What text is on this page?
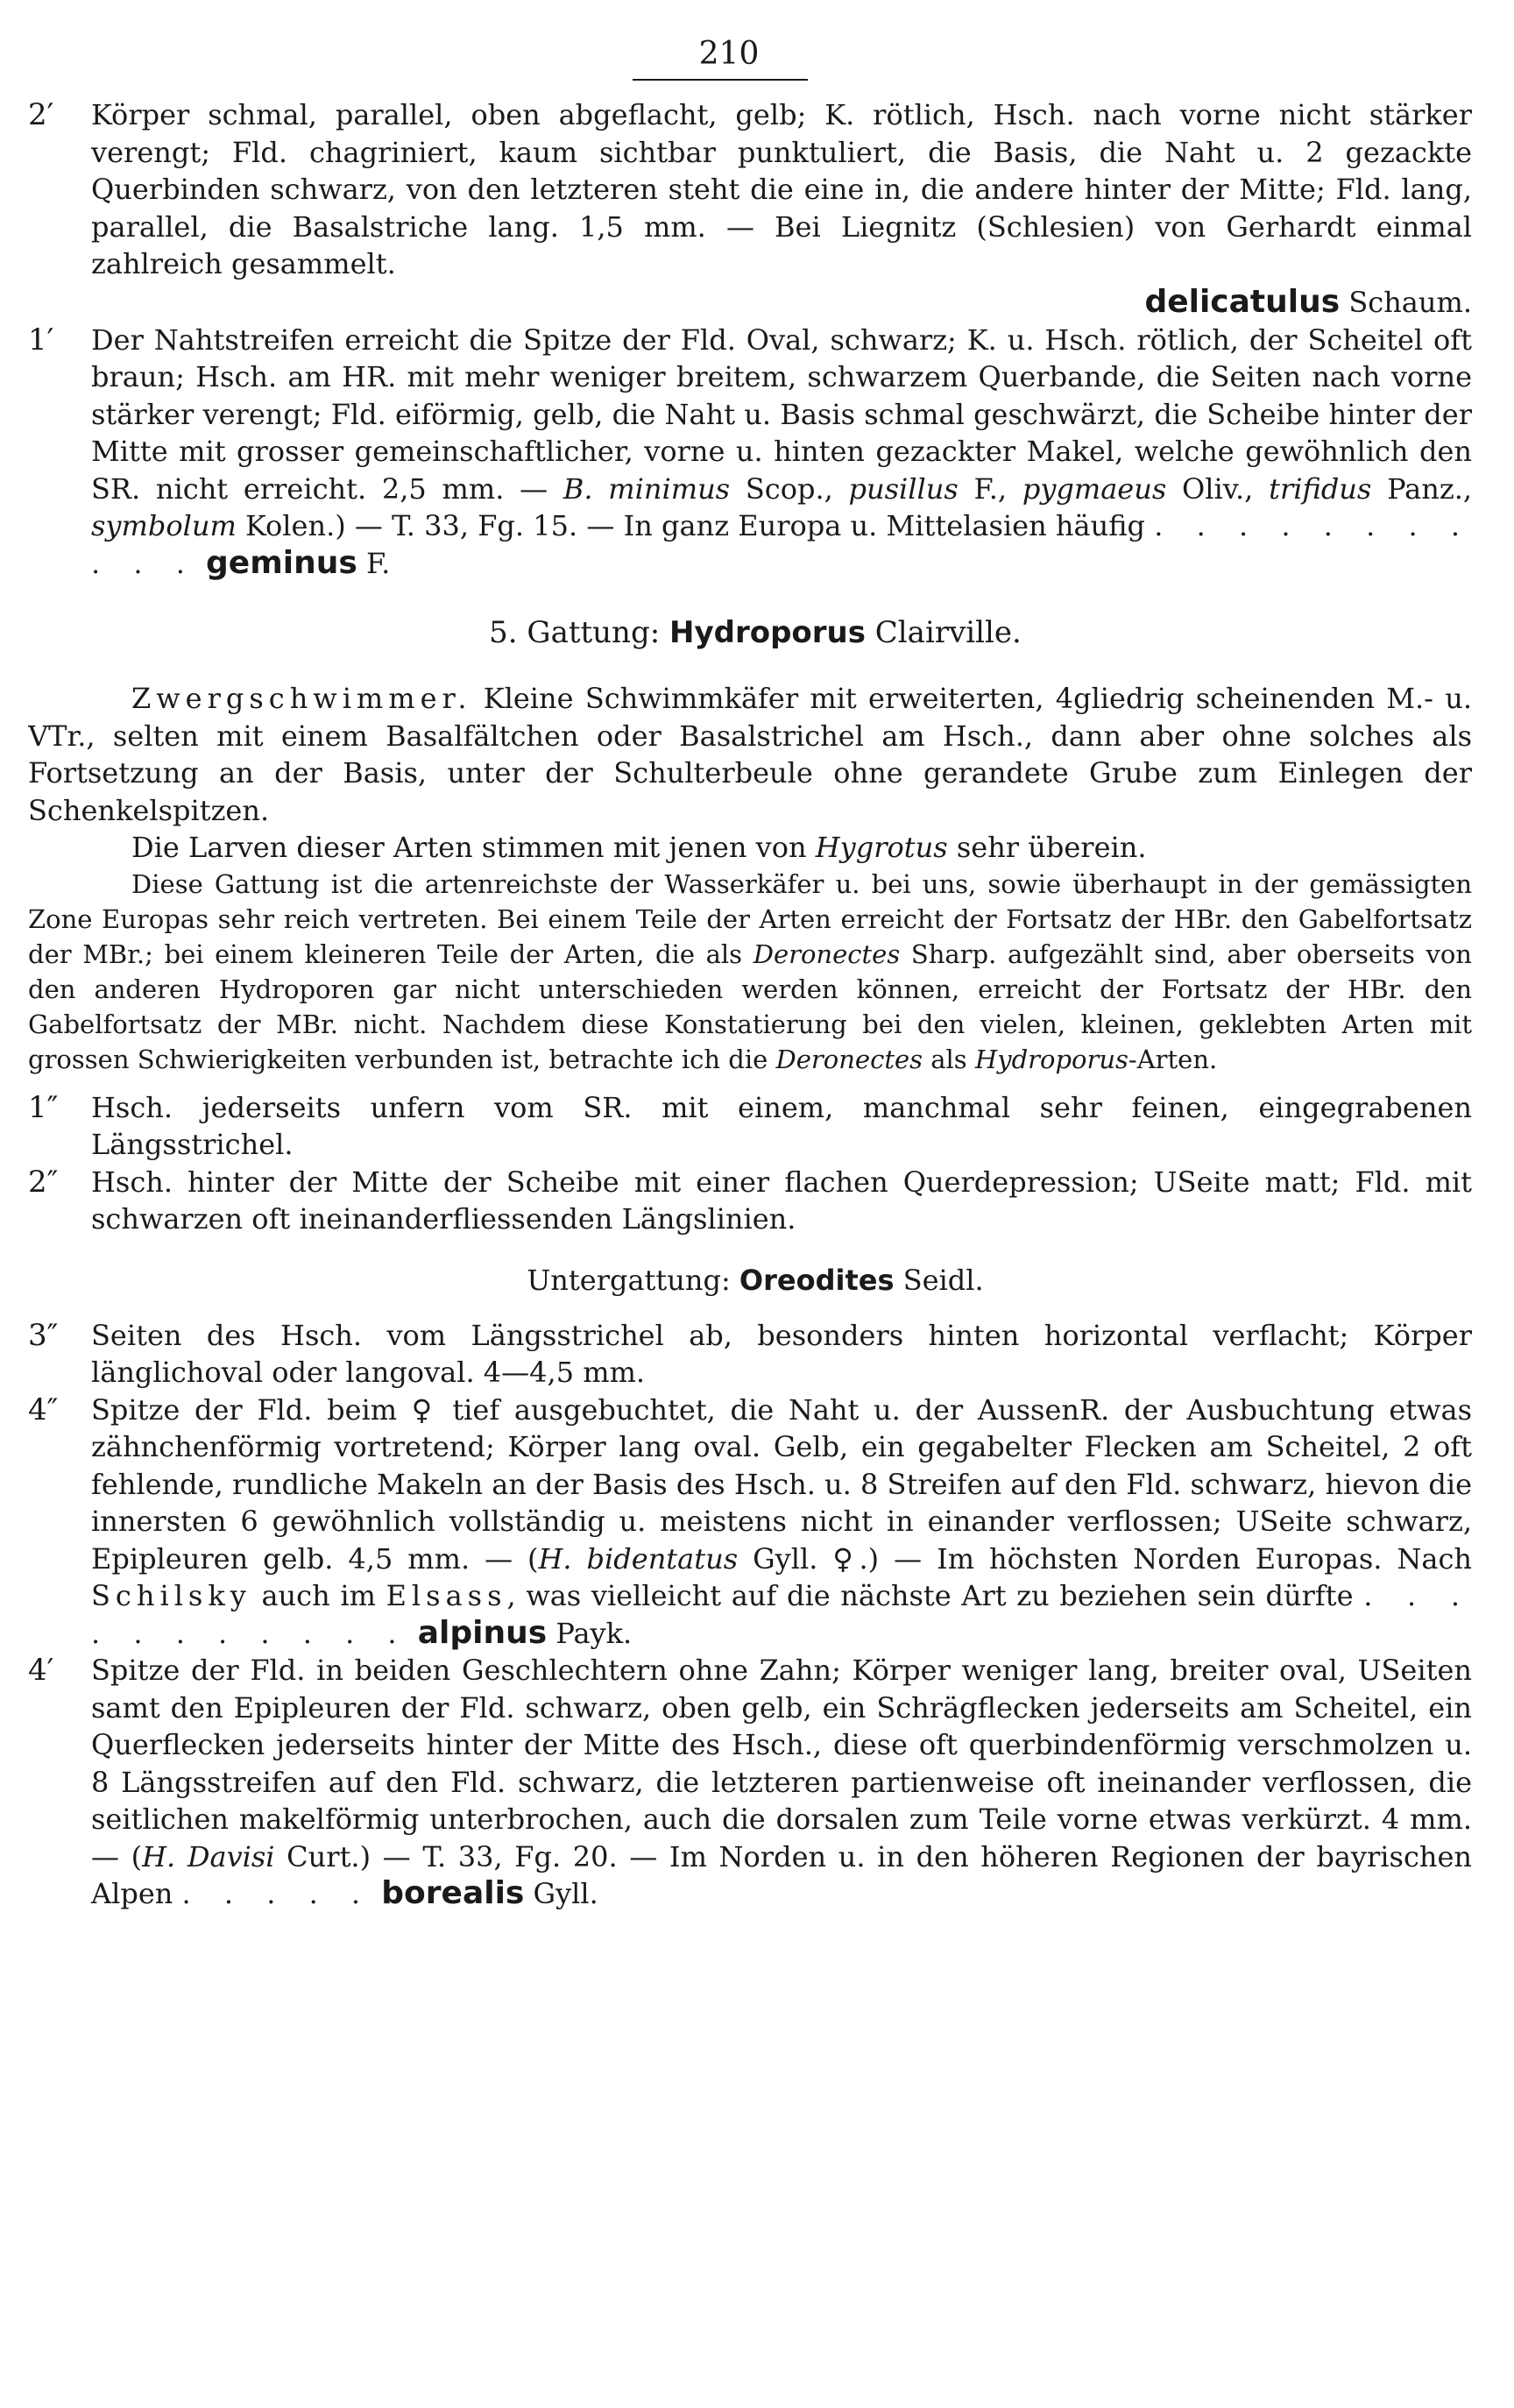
210
2′	Körper schmal, parallel, oben abgeflacht, gelb; K. rötlich, Hsch. nach vorne nicht stärker verengt; Fld. chagriniert, kaum sichtbar punktuliert, die Basis, die Naht u. 2 gezackte Querbinden schwarz, von den letzteren steht die eine in, die andere hinter der Mitte; Fld. lang, parallel, die Basalstriche lang. 1,5 mm. — Bei Liegnitz (Schlesien) von Gerhardt einmal zahlreich gesammelt.
delicatulus Schaum.
1′	Der Nahtstreifen erreicht die Spitze der Fld. Oval, schwarz; K. u. Hsch. rötlich, der Scheitel oft braun; Hsch. am HR. mit mehr weniger breitem, schwarzem Querbande, die Seiten nach vorne stärker verengt; Fld. eiförmig, gelb, die Naht u. Basis schmal geschwärzt, die Scheibe hinter der Mitte mit grosser gemeinschaftlicher, vorne u. hinten gezackter Makel, welche gewöhnlich den SR. nicht erreicht. 2,5 mm. — B. minimus Scop., pusillus F., pygmaeus Oliv., trifidus Panz., symbolum Kolen.) — T. 33, Fg. 15. — In ganz Europa u. Mittelasien häufig . . . . . . . . . . . geminus F.
5. Gattung: Hydroporus Clairville.

Zwergschwimmer. Kleine Schwimmkäfer mit erweiterten, 4gliedrig scheinenden M.- u. VTr., selten mit einem Basalfältchen oder Basalstrichel am Hsch., dann aber ohne solches als Fortsetzung an der Basis, unter der Schulterbeule ohne gerandete Grube zum Einlegen der Schenkelspitzen.

Die Larven dieser Arten stimmen mit jenen von Hygrotus sehr überein.

Diese Gattung ist die artenreichste der Wasserkäfer u. bei uns, sowie überhaupt in der gemässigten Zone Europas sehr reich vertreten. Bei einem Teile der Arten erreicht der Fortsatz der HBr. den Gabelfortsatz der MBr.; bei einem kleineren Teile der Arten, die als Deronectes Sharp. aufgezählt sind, aber oberseits von den anderen Hydroporen gar nicht unterschieden werden können, erreicht der Fortsatz der HBr. den Gabelfortsatz der MBr. nicht. Nachdem diese Konstatierung bei den vielen, kleinen, geklebten Arten mit grossen Schwierigkeiten verbunden ist, betrachte ich die Deronectes als Hydroporus-Arten.

1″	Hsch. jederseits unfern vom SR. mit einem, manchmal sehr feinen, eingegrabenen Längsstrichel.
2″	Hsch. hinter der Mitte der Scheibe mit einer flachen Querdepression; USeite matt; Fld. mit schwarzen oft ineinanderfliessenden Längslinien.
Untergattung: Oreodites Seidl.
3″	Seiten des Hsch. vom Längsstrichel ab, besonders hinten horizontal verflacht; Körper länglichoval oder langoval. 4—4,5 mm.
4″	Spitze der Fld. beim ♀ tief ausgebuchtet, die Naht u. der AussenR. der Ausbuchtung etwas zähnchenförmig vortretend; Körper lang oval. Gelb, ein gegabelter Flecken am Scheitel, 2 oft fehlende, rundliche Makeln an der Basis des Hsch. u. 8 Streifen auf den Fld. schwarz, hievon die innersten 6 gewöhnlich vollständig u. meistens nicht in einander verflossen; USeite schwarz, Epipleuren gelb. 4,5 mm. — (H. bidentatus Gyll. ♀.) — Im höchsten Norden Europas. Nach Schilsky auch im Elsass, was vielleicht auf die nächste Art zu beziehen sein dürfte . . . . . . . . . . . alpinus Payk.
4′	Spitze der Fld. in beiden Geschlechtern ohne Zahn; Körper weniger lang, breiter oval, USeiten samt den Epipleuren der Fld. schwarz, oben gelb, ein Schrägflecken jederseits am Scheitel, ein Querflecken jederseits hinter der Mitte des Hsch., diese oft querbindenförmig verschmolzen u. 8 Längsstreifen auf den Fld. schwarz, die letzteren partienweise oft ineinander verflossen, die seitlichen makelförmig unterbrochen, auch die dorsalen zum Teile vorne etwas verkürzt. 4 mm. — (H. Davisi Curt.) — T. 33, Fg. 20. — Im Norden u. in den höheren Regionen der bayrischen Alpen . . . . . borealis Gyll.
